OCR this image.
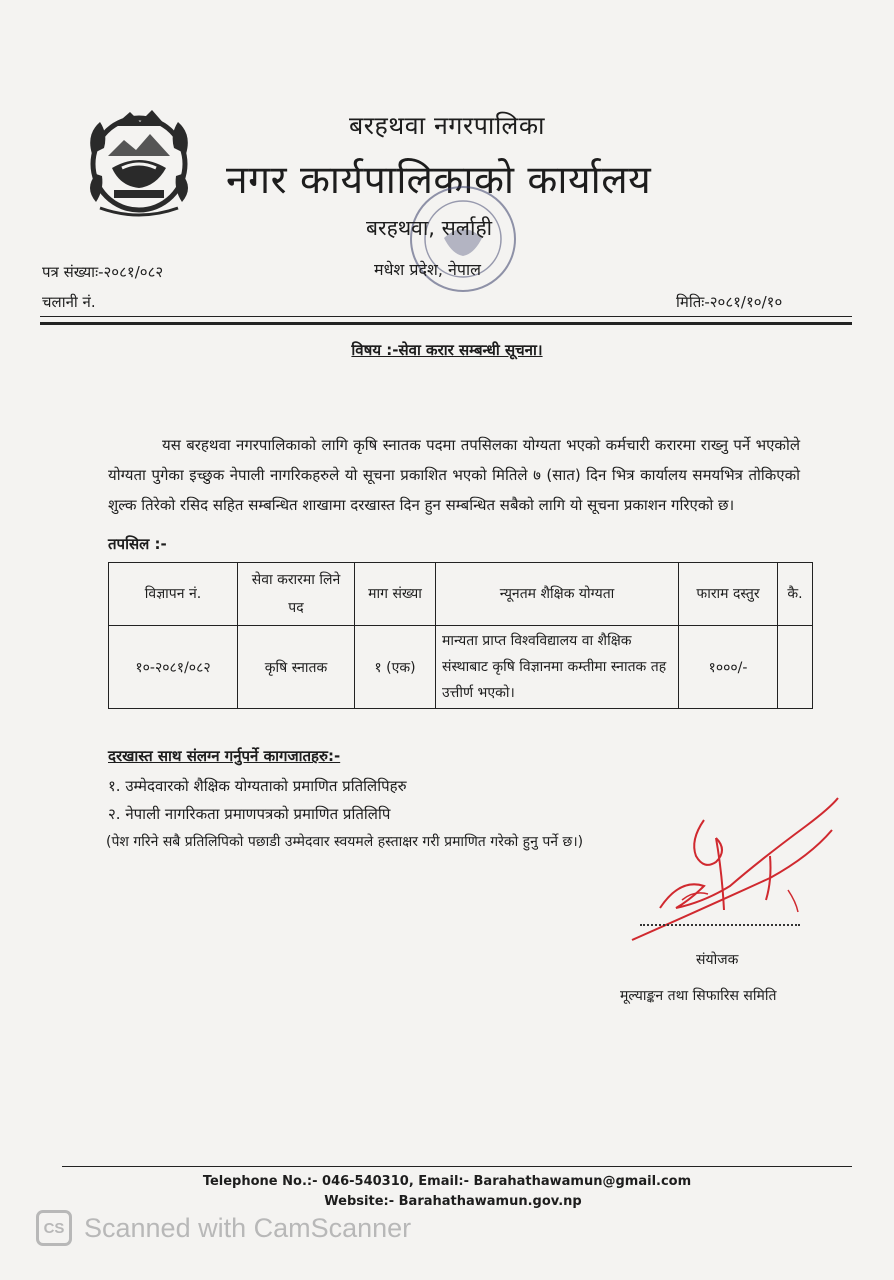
बरहथवा नगरपालिका
नगर कार्यपालिकाको कार्यालय
बरहथवा, सर्लाही
मधेश प्रदेश, नेपाल
पत्र संख्याः-२०८१/०८२
चलानी नं.	मितिः-२०८१/१०/१०
विषय :-सेवा करार सम्बन्धी सूचना।
यस बरहथवा नगरपालिकाको लागि कृषि स्नातक पदमा तपसिलका योग्यता भएको कर्मचारी करारमा राख्नु पर्ने भएकोले योग्यता पुगेका इच्छुक नेपाली नागरिकहरुले यो सूचना प्रकाशित भएको मितिले ७ (सात) दिन भित्र कार्यालय समयभित्र तोकिएको शुल्क तिरेको रसिद सहित सम्बन्धित शाखामा दरखास्त दिन हुन सम्बन्धित सबैको लागि यो सूचना प्रकाशन गरिएको छ।
तपसिल :-
विज्ञापन नं.	सेवा करारमा लिने पद	माग संख्या	न्यूनतम शैक्षिक योग्यता	फाराम दस्तुर	कै.
१०-२०८१/०८२	कृषि स्नातक	१ (एक)	मान्यता प्राप्त विश्वविद्यालय वा शैक्षिक संस्थाबाट कृषि विज्ञानमा कम्तीमा स्नातक तह उत्तीर्ण भएको।	१०००/-	
दरखास्त साथ संलग्न गर्नुपर्ने कागजातहरु:-
१. उम्मेदवारको शैक्षिक योग्यताको प्रमाणित प्रतिलिपिहरु
२. नेपाली नागरिकता प्रमाणपत्रको प्रमाणित प्रतिलिपि
(पेश गरिने सबै प्रतिलिपिको पछाडी उम्मेदवार स्वयमले हस्ताक्षर गरी प्रमाणित गरेको हुनु पर्ने छ।)
संयोजक
मूल्याङ्कन तथा सिफारिस समिति
Telephone No.:- 046-540310, Email:- Barahathawamun@gmail.com
Website:- Barahathawamun.gov.np
CS Scanned with CamScanner
